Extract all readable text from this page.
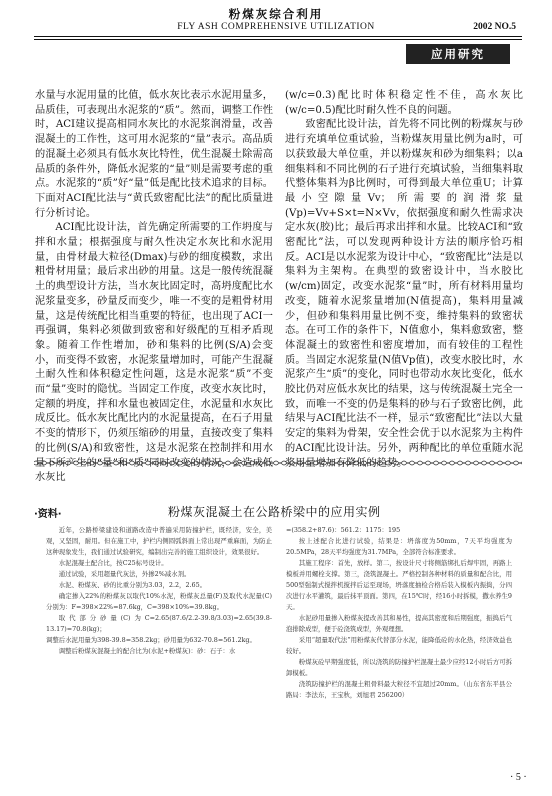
粉煤灰综合利用
FLY ASH COMPREHENSIVE UTILIZATION	2002 NO.5
应用研究

水量与水泥用量的比值，低水灰比表示水泥用量多，品质佳，可表现出水泥浆的“质”。然而，调整工作性时，ACI建议提高相同水灰比的水泥浆润滑量，改善混凝土的工作性，这可用水泥浆的“量”表示。高品质的混凝土必须具有低水灰比特性，优生混凝土除需高品质的条件外，降低水泥浆的“量”则是需要考虑的重点。水泥浆的“质”好“量”低是配比技术追求的目标。下面对ACI配比法与“黄氏致密配比法”的配比质量进行分析讨论。

ACI配比设计法，首先确定所需要的工作坍度与拌和水量；根据强度与耐久性决定水灰比和水泥用量，由骨材最大粒径(Dmax)与砂的细度模数，求出粗骨材用量；最后求出砂的用量。这是一般传统混凝土的典型设计方法，当水灰比固定时，高坍度配比水泥浆量变多，砂量反而变少，唯一不变的是粗骨材用量，这是传统配比相当重要的特征，也出现了ACI一再强调，集料必须做到致密和好级配的互相矛盾现象。随着工作性增加，砂和集料的比例(S/A)会变小，而变得不致密，水泥浆量增加时，可能产生混凝土耐久性和体积稳定性问题，这是水泥浆“质”不变而“量”变时的隐忧。当固定工作度，改变水灰比时，定额的坍度，拌和水量也被固定住，水泥量和水灰比成反比。低水灰比配比内的水泥量提高，在石子用量不变的情形下，仍须压缩砂的用量，直接改变了集料的比例(S/A)和致密性，这是水泥浆在控制拌和用水量下所产生的“量”和“质”同时改变的情况，会造成低水灰比

(w/c=0.3)配比时体积稳定性不佳，高水灰比(w/c=0.5)配比时耐久性不良的问题。

致密配比设计法，首先将不同比例的粉煤灰与砂进行充填单位重试验，当粉煤灰用量比例为a时，可以获致最大单位重，并以粉煤灰和砂为细集料；以a细集料和不同比例的石子进行充填试验，当细集料取代整体集料为β比例时，可得到最大单位重U；计算最小空隙量Vv；所需要的润滑浆量(Vp)=Vv+S×t=N×Vv，依据强度和耐久性需求决定水灰(胶)比；最后再求出拌和水量。比较ACI和“致密配比”法，可以发现两种设计方法的顺序恰巧相反。ACI是以水泥浆为设计中心，“致密配比”法是以集料为主架构。在典型的致密设计中，当水胶比(w/cm)固定，改变水泥浆“量”时，所有材料用量均改变，随着水泥浆量增加(N值提高)，集料用量减少，但砂和集料用量比例不变，维持集料的致密状态。在可工作的条件下，N值愈小，集料愈致密，整体混凝土的致密性和密度增加，而有较佳的工程性质。当固定水泥浆量(N值Vp值)，改变水胶比时，水泥浆产生“质”的变化，同时也带动水灰比变化，低水胶比仍对应低水灰比的结果，这与传统混凝土完全一致，而唯一不变的仍是集料的砂与石子致密比例，此结果与ACI配比法不一样，显示“致密配比”法以大量安定的集料为骨架，安全性会优于以水泥浆为主构件的ACI配比设计法。另外，两种配比的单位重随水泥浆用量增加有降低的趋势。

·资料·	粉煤灰混凝土在公路桥梁中的应用实例

近年，公路桥梁建设和道路改造中普遍采用防撞护栏，既经济，安全，美观，又坚固，耐用。但在施工中，护栏内侧圆弧斜面上常出现严重麻面，为防止这种现象发生，我们通过试验研究，编制出完善的施工组织设计，效果很好。

水泥混凝土配合比，按C25标号设计。

通过试验，采用超量代灰法，外掺2%减水剂。

水泥、粉煤灰、砂的比重分别为3.03，2.2，2.65。

确定掺入22%的粉煤灰以取代10%水泥，粉煤灰总量(F)及取代水泥量(C)分别为：F=398×22%=87.6kg，C=398×10%=39.8kg。

取代部分砂量(C)为C=2.65(87.6/2.2-39.8/3.03)=2.65(39.8-13.17)=70.8(kg)；

调整后水泥用量为398-39.8=358.2kg；砂用量为632-70.8=561.2kg。

调整后粉煤灰混凝土的配合比为(水泥+粉煤灰)：砂：石子：水

=(358.2+87.6)：561.2：1175：195

按上述配合比进行试验，结果是：坍落度为50mm，7天平均强度为20.5MPa，28天平均强度为31.7MPa，全部符合标准要求。

其施工程序：首先，放样。第二，按设计尺寸将侧筋绑扎后焊牢固，再路上模板并用螺栓支撑。第三，浇筑混凝土。严格控制各种材料的质量和配合比，用500型强制式搅拌机搅拌后运至现场，坍落度抽检合格后装入模板内振捣，分四次进行水平灌筑，最后抹平顶面。第四，在15℃时，经16小时拆模，撒水养生9天。

水泥砂用量掺入粉煤灰提改善其和易性，提高其密度和后期强度，振捣后气泡排除成型，便于砼浇筑成型，外观理想。

采用“超量取代法”用粉煤灰代替部分水泥，能降低砼的水化热，经济效益也较好。

粉煤灰砼早期强度低，所以浇筑的防撞护栏混凝土最少应经12小时后方可拆卸模板。

浇筑防撞护栏的混凝土粗骨料最大粒径不宜超过20mm。（山东省东平县公路局：李法东，王宝秋，刘旭君 256200）

· 5 ·
